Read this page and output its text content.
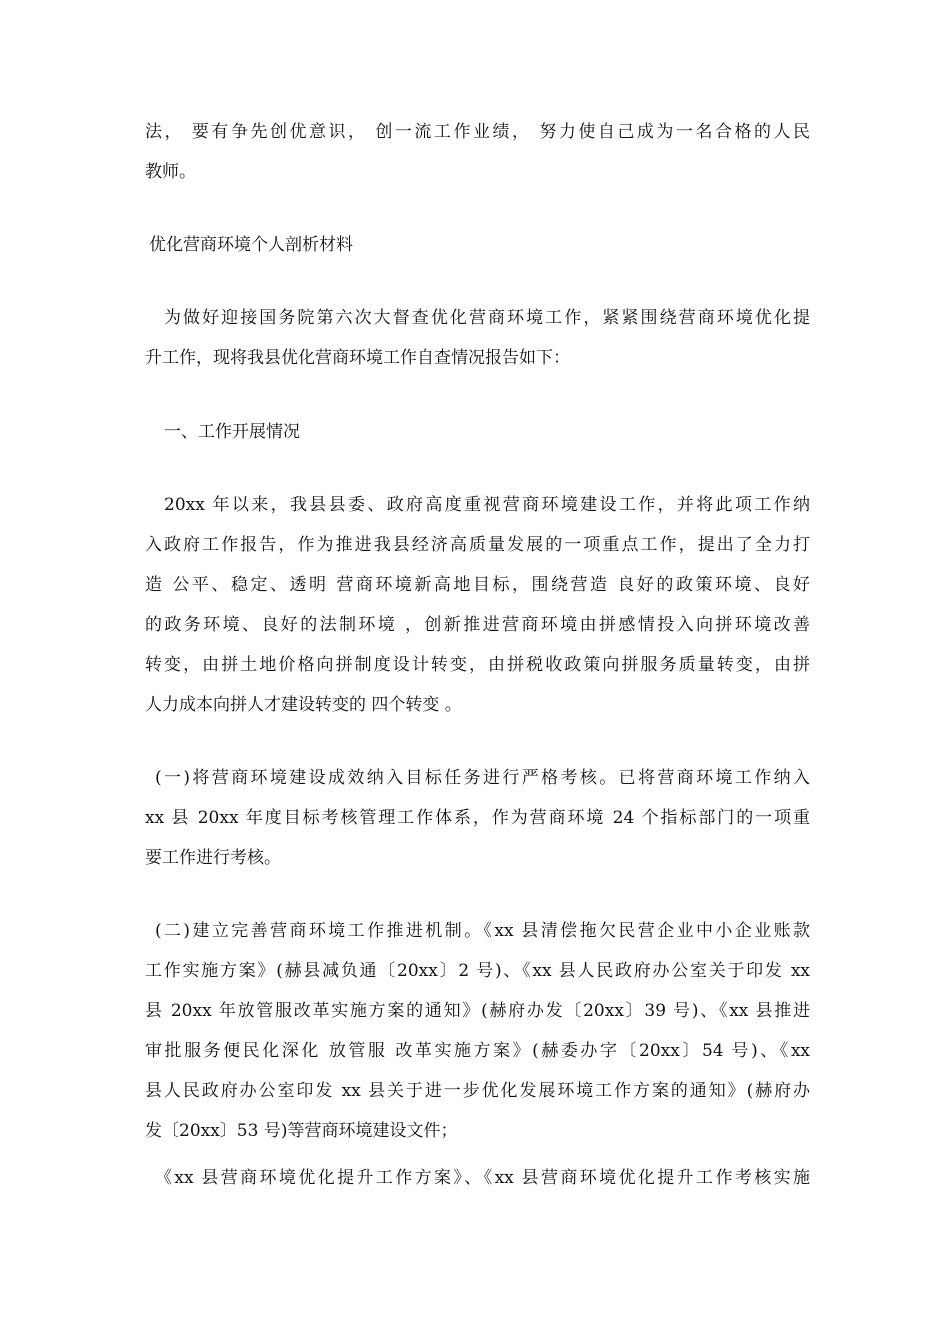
法， 要有争先创优意识， 创一流工作业绩， 努力使自己成为一名合格的人民
教师。
优化营商环境个人剖析材料
为做好迎接国务院第六次大督查优化营商环境工作，紧紧围绕营商环境优化提
升工作，现将我县优化营商环境工作自查情况报告如下：
一、工作开展情况
20xx 年以来，我县县委、政府高度重视营商环境建设工作，并将此项工作纳
入政府工作报告，作为推进我县经济高质量发展的一项重点工作，提出了全力打
造 公平、稳定、透明 营商环境新高地目标，围绕营造 良好的政策环境、良好
的政务环境、良好的法制环境 ，创新推进营商环境由拼感情投入向拼环境改善
转变，由拼土地价格向拼制度设计转变，由拼税收政策向拼服务质量转变，由拼
人力成本向拼人才建设转变的 四个转变 。
(一)将营商环境建设成效纳入目标任务进行严格考核。已将营商环境工作纳入
xx 县 20xx 年度目标考核管理工作体系，作为营商环境 24 个指标部门的一项重
要工作进行考核。
(二)建立完善营商环境工作推进机制。《xx 县清偿拖欠民营企业中小企业账款
工作实施方案》(赫县减负通〔20xx〕2 号)、《xx 县人民政府办公室关于印发 xx
县 20xx 年放管服改革实施方案的通知》(赫府办发〔20xx〕39 号)、《xx 县推进
审批服务便民化深化 放管服 改革实施方案》(赫委办字〔20xx〕54 号)、《xx
县人民政府办公室印发 xx 县关于进一步优化发展环境工作方案的通知》(赫府办
发〔20xx〕53 号)等营商环境建设文件；
《xx 县营商环境优化提升工作方案》、《xx 县营商环境优化提升工作考核实施
